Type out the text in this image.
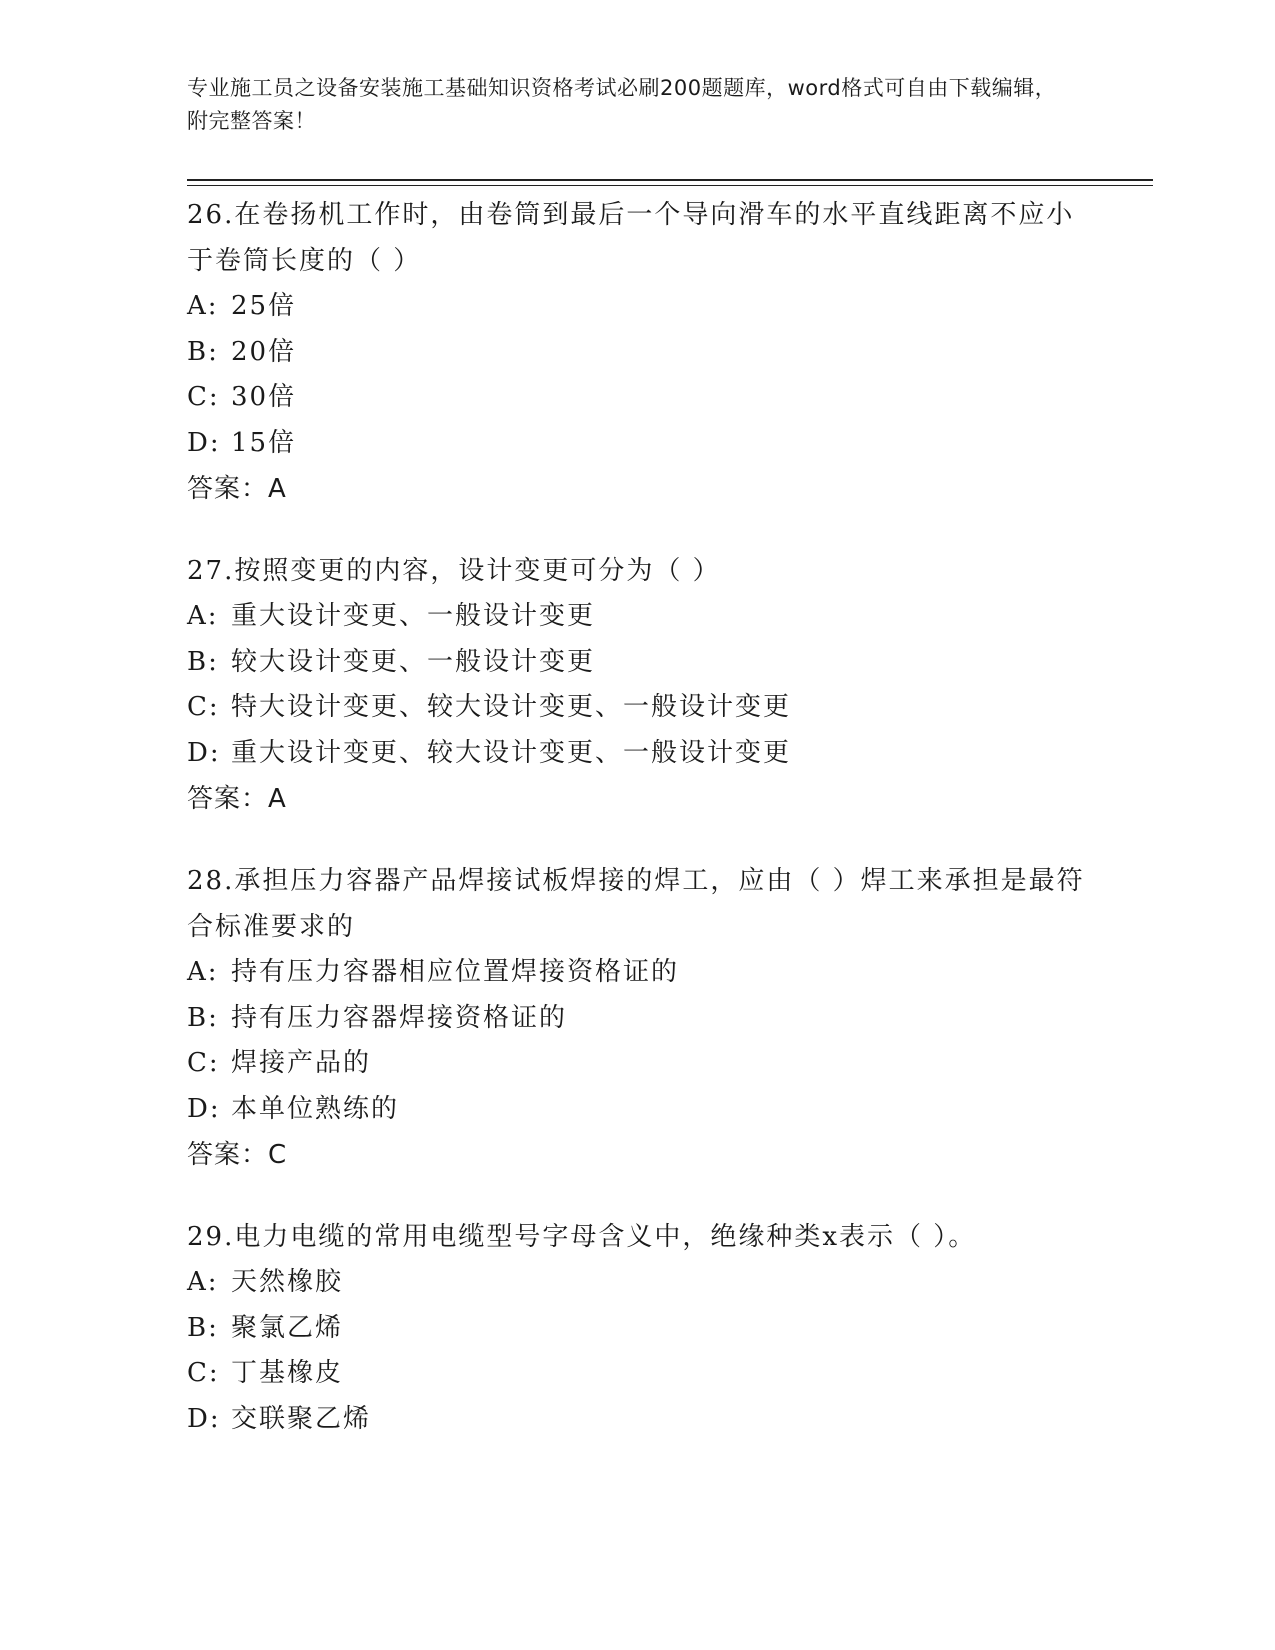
专业施工员之设备安装施工基础知识资格考试必刷200题题库，word格式可自由下载编辑，附完整答案！
26.在卷扬机工作时，由卷筒到最后一个导向滑车的水平直线距离不应小于卷筒长度的（ ）
A: 25倍
B: 20倍
C: 30倍
D: 15倍
答案：A
27.按照变更的内容，设计变更可分为（ ）
A: 重大设计变更、一般设计变更
B: 较大设计变更、一般设计变更
C: 特大设计变更、较大设计变更、一般设计变更
D: 重大设计变更、较大设计变更、一般设计变更
答案：A
28.承担压力容器产品焊接试板焊接的焊工，应由（ ）焊工来承担是最符合标准要求的
A: 持有压力容器相应位置焊接资格证的
B: 持有压力容器焊接资格证的
C: 焊接产品的
D: 本单位熟练的
答案：C
29.电力电缆的常用电缆型号字母含义中，绝缘种类x表示（ ）。
A: 天然橡胶
B: 聚氯乙烯
C: 丁基橡皮
D: 交联聚乙烯
